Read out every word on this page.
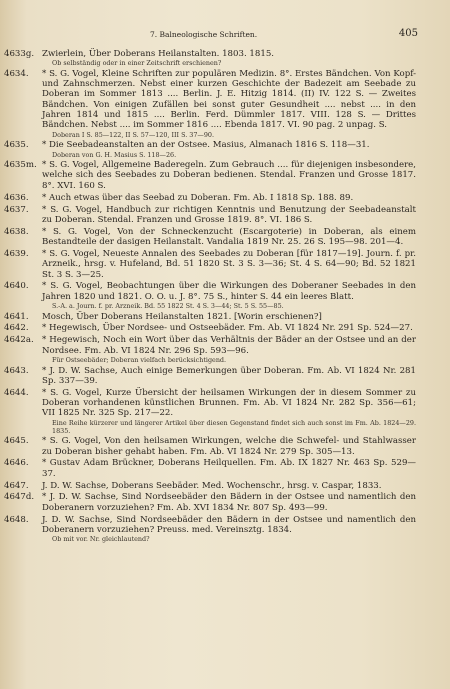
7. Balneologische Schriften.	405
4633g. Zwierlein, Über Doberans Heilanstalten. 1803. 1815.
Ob selbständig oder in einer Zeitschrift erschienen?
4634.	* S. G. Vogel, Kleine Schriften zur populären Medizin. 8°. Erstes Bändchen. Von Kopf- und Zahnschmerzen. Nebst einer kurzen Geschichte der Badezeit am Seebade zu Doberan im Sommer 1813 .... Berlin. J. E. Hitzig 1814. (II) IV. 122 S. — Zweites Bändchen. Von einigen Zufällen bei sonst guter Gesundheit .... nebst .... in den Jahren 1814 und 1815 .... Berlin. Ferd. Dümmler 1817. VIII. 128 S. — Drittes Bändchen. Nebst .... im Sommer 1816 .... Ebenda 1817. VI. 90 pag. 2 unpag. S.
Doberan I S. 85—122, II S. 57—120, III S. 37—90.
4635.	* Die Seebadeanstalten an der Ostsee. Masius, Almanach 1816 S. 118—31.
Doberan von G. H. Masius S. 118—26.
4635m. * S. G. Vogel, Allgemeine Baderegeln. Zum Gebrauch .... für diejenigen insbesondere, welche sich des Seebades zu Doberan bedienen. Stendal. Franzen und Grosse 1817. 8°. XVI. 160 S.
4636.	* Auch etwas über das Seebad zu Doberan. Fm. Ab. I 1818 Sp. 188. 89.
4637.	* S. G. Vogel, Handbuch zur richtigen Kenntnis und Benutzung der Seebadeanstalt zu Doberan. Stendal. Franzen und Grosse 1819. 8°. VI. 186 S.
4638.	* S. G. Vogel, Von der Schneckenzucht (Escargoterie) in Doberan, als einem Bestandteile der dasigen Heilanstalt. Vandalia 1819 Nr. 25. 26 S. 195—98. 201—4.
4639.	* S. G. Vogel, Neueste Annalen des Seebades zu Doberan [für 1817—19]. Journ. f. pr. Arzneik., hrsg. v. Hufeland, Bd. 51 1820 St. 3 S. 3—36; St. 4 S. 64—90; Bd. 52 1821 St. 3 S. 3—25.
4640.	* S. G. Vogel, Beobachtungen über die Wirkungen des Doberaner Seebades in den Jahren 1820 und 1821. O. O. u. J. 8°. 75 S., hinter S. 44 ein leeres Blatt.
S.-A. a. Journ. f. pr. Arzneik. Bd. 55 1822 St. 4 S. 3—44; St. 5 S. 55—85.
4641.	Mosch, Über Doberans Heilanstalten 1821. [Worin erschienen?]
4642.	* Hegewisch, Über Nordsee- und Ostseebäder. Fm. Ab. VI 1824 Nr. 291 Sp. 524—27.
4642a. * Hegewisch, Noch ein Wort über das Verhältnis der Bäder an der Ostsee und an der Nordsee. Fm. Ab. VI 1824 Nr. 296 Sp. 593—96.
Für Ostseebäder; Doberan vielfach berücksichtigend.
4643.	* J. D. W. Sachse, Auch einige Bemerkungen über Doberan. Fm. Ab. VI 1824 Nr. 281 Sp. 337—39.
4644.	* S. G. Vogel, Kurze Übersicht der heilsamen Wirkungen der in diesem Sommer zu Doberan vorhandenen künstlichen Brunnen. Fm. Ab. VI 1824 Nr. 282 Sp. 356—61; VII 1825 Nr. 325 Sp. 217—22.
Eine Reihe kürzerer und längerer Artikel über diesen Gegenstand findet sich auch sonst im Fm. Ab. 1824—29. 1835.
4645.	* S. G. Vogel, Von den heilsamen Wirkungen, welche die Schwefel- und Stahlwasser zu Doberan bisher gehabt haben. Fm. Ab. VI 1824 Nr. 279 Sp. 305—13.
4646.	* Gustav Adam Brückner, Doberans Heilquellen. Fm. Ab. IX 1827 Nr. 463 Sp. 529—37.
4647.	J. D. W. Sachse, Doberans Seebäder. Med. Wochenschr., hrsg. v. Caspar, 1833.
4647d. * J. D. W. Sachse, Sind Nordseebäder den Bädern in der Ostsee und namentlich den Doberanern vorzuziehen? Fm. Ab. XVI 1834 Nr. 807 Sp. 493—99.
4648.	J. D. W. Sachse, Sind Nordseebäder den Bädern in der Ostsee und namentlich den Doberanern vorzuziehen? Preuss. med. Vereinsztg. 1834.
Ob mit vor. Nr. gleichlautend?
